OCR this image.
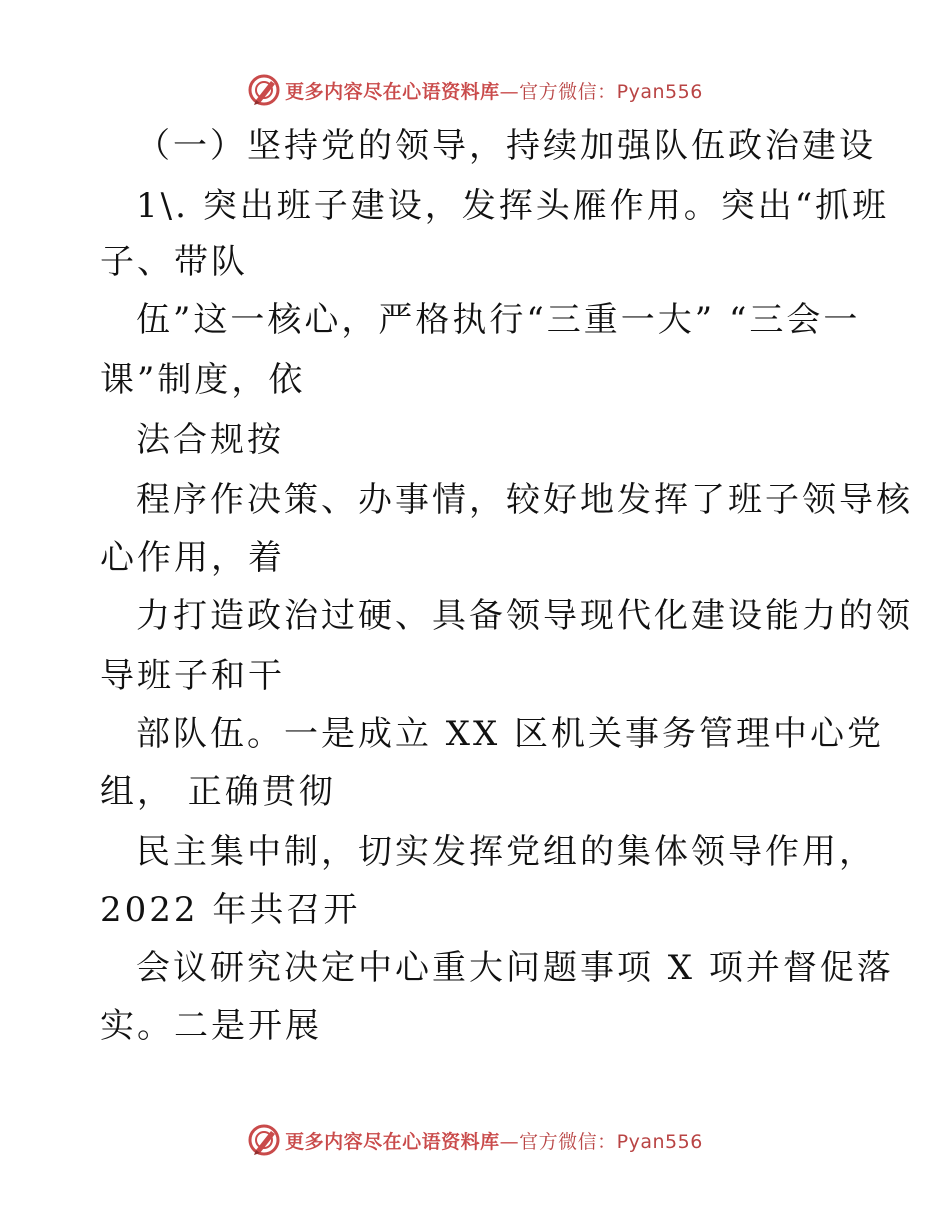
更多内容尽在心语资料库—官方微信：Pyan556
（一）坚持党的领导，持续加强队伍政治建设
1\. 突出班子建设，发挥头雁作用。突出“抓班
子、带队
伍”这一核心，严格执行“三重一大” “三会一
课”制度，依
法合规按
程序作决策、办事情，较好地发挥了班子领导核
心作用，着
力打造政治过硬、具备领导现代化建设能力的领
导班子和干
部队伍。一是成立 XX 区机关事务管理中心党
组， 正确贯彻
民主集中制，切实发挥党组的集体领导作用，
2022 年共召开
会议研究决定中心重大问题事项 X 项并督促落
实。二是开展
更多内容尽在心语资料库—官方微信：Pyan556
